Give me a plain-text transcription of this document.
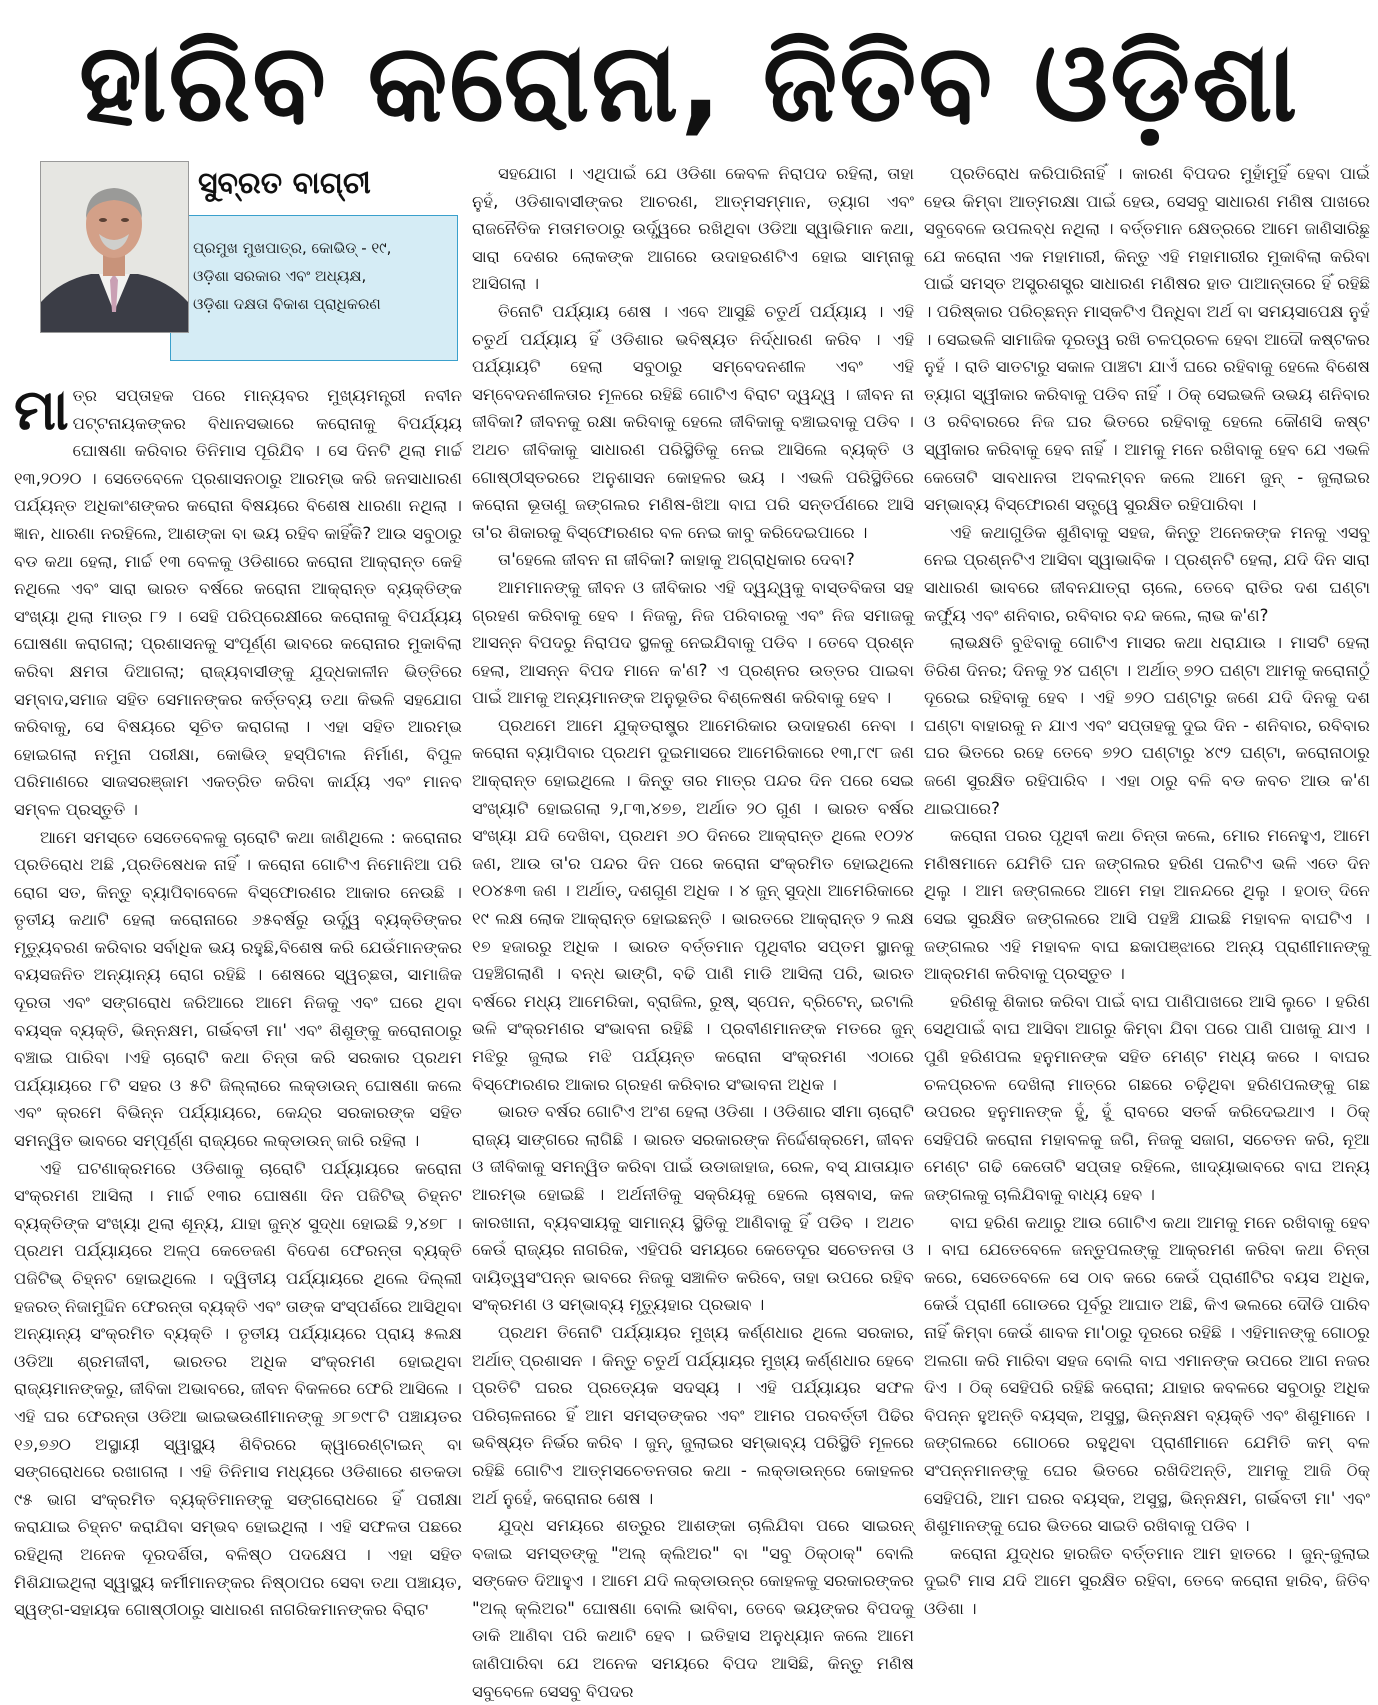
ହାରିବ କରୋନା, ଜିତିବ ଓଡ଼ିଶା
ପ୍ରମୁଖ ମୁଖପାତ୍ର, କୋଭିଡ୍ - ୧୯,
ଓଡ଼ିଶା ସରକାର ଏବଂ ଅଧ୍ୟକ୍ଷ,
ଓଡ଼ିଶା ଦକ୍ଷତା ବିକାଶ ପ୍ରାଧିକରଣ
ସୁବ୍ରତ ବାଗ୍‌ଚୀ

ମାତ୍ର ସପ୍ତାହକ ପରେ ମାନ୍ୟବର ମୁଖ୍ୟମନ୍ତ୍ରୀ ନବୀନ ପଟ୍ଟନାୟକଙ୍କର ବିଧାନସଭାରେ କରୋନାକୁ ବିପର୍ଯ୍ୟୟ ଘୋଷଣା କରିବାର ତିନିମାସ ପୂରିଯିବ । ସେ ଦିନଟି ଥିଲା ମାର୍ଚ୍ଚ ୧୩,୨୦୨୦ । ସେତେବେଳେ ପ୍ରଶାସନଠାରୁ ଆରମ୍ଭ କରି ଜନସାଧାରଣ ପର୍ଯ୍ୟନ୍ତ ଅଧିକାଂଶଙ୍କର କରୋନା ବିଷୟରେ ବିଶେଷ ଧାରଣା ନଥିଲା । ଜ୍ଞାନ, ଧାରଣା ନରହିଲେ, ଆଶଙ୍କା ବା ଭୟ ରହିବ କାହିଁକି? ଆଉ ସବୁଠାରୁ ବଡ କଥା ହେଲା, ମାର୍ଚ୍ଚ ୧୩ ବେଳକୁ ଓଡିଶାରେ କରୋନା ଆକ୍ରାନ୍ତ କେହି ନଥିଲେ ଏବଂ ସାରା ଭାରତ ବର୍ଷରେ କରୋନା ଆକ୍ରାନ୍ତ ବ୍ୟକ୍ତିଙ୍କ ସଂଖ୍ୟା ଥିଲା ମାତ୍ର ୮୨ । ସେହି ପରିପ୍ରେକ୍ଷୀରେ କରୋନାକୁ ବିପର୍ଯ୍ୟୟ ଘୋଷଣା କରାଗଲା; ପ୍ରଶାସନକୁ ସଂପୂର୍ଣ୍ଣ ଭାବରେ କରୋନାର ମୁକାବିଲା କରିବା କ୍ଷମତା ଦିଆଗଲା; ରାଜ୍ୟବାସୀଙ୍କୁ ଯୁଦ୍ଧକାଳୀନ ଭିତ୍ତିରେ ସମ୍ବାଦ,ସମାଜ ସହିତ ସେମାନଙ୍କର କର୍ତ୍ତବ୍ୟ ତଥା କିଭଳି ସହଯୋଗ କରିବାକୁ, ସେ ବିଷୟରେ ସୂଚିତ କରାଗଲା । ଏହା ସହିତ ଆରମ୍ଭ ହୋଇଗଲା ନମୁନା ପରୀକ୍ଷା, କୋଭିଡ୍ ହସ୍ପିଟାଲ ନିର୍ମାଣ, ବିପୁଳ ପରିମାଣରେ ସାଜସରଞ୍ଜାମ ଏକତ୍ରିତ କରିବା କାର୍ଯ୍ୟ ଏବଂ ମାନବ ସମ୍ବଳ ପ୍ରସ୍ତୁତି ।

ଆମେ ସମସ୍ତେ ସେତେବେଳକୁ ଚାରୋଟି କଥା ଜାଣିଥିଲେ : କରୋନାର ପ୍ରତିରୋଧ ଅଛି ,ପ୍ରତିଷେଧକ ନାହିଁ । କରୋନା ଗୋଟିଏ ନିମୋନିଆ ପରି ରୋଗ ସତ, କିନ୍ତୁ ବ୍ୟାପିବାବେଳେ ବିସ୍ଫୋରଣର ଆକାର ନେଉଛି । ତୃତୀୟ କଥାଟି ହେଲା କରୋନାରେ ୬୫ବର୍ଷରୁ ଉର୍ଦ୍ଧ୍ୱ ବ୍ୟକ୍ତିଙ୍କର ମୃତ୍ୟୁବରଣ କରିବାର ସର୍ବାଧିକ ଭୟ ରହୁଛି,ବିଶେଷ କରି ଯେଉଁମାନଙ୍କର ବୟସଜନିତ ଅନ୍ୟାନ୍ୟ ରୋଗ ରହିଛି । ଶେଷରେ ସ୍ୱଚ୍ଛତା, ସାମାଜିକ ଦୂରତା ଏବଂ ସଙ୍ଗରୋଧ ଜରିଆରେ ଆମେ ନିଜକୁ ଏବଂ ଘରେ ଥିବା ବୟସ୍କ ବ୍ୟକ୍ତି, ଭିନ୍ନକ୍ଷମ, ଗର୍ଭବତୀ ମା' ଏବଂ ଶିଶୁଙ୍କୁ କରୋନାଠାରୁ ବଞ୍ଚାଇ ପାରିବା ।ଏହି ଚାରୋଟି କଥା ଚିନ୍ତା କରି ସରକାର ପ୍ରଥମ ପର୍ଯ୍ୟାୟରେ ୮ଟି ସହର ଓ ୫ଟି ଜିଲ୍ଲାରେ ଲକ୍‌ଡାଉନ୍ ଘୋଷଣା କଲେ ଏବଂ କ୍ରମେ ବିଭିନ୍ନ ପର୍ଯ୍ୟାୟରେ, କେନ୍ଦ୍ର ସରକାରଙ୍କ ସହିତ ସମନ୍ୱିତ ଭାବରେ ସମ୍ପୂର୍ଣ୍ଣ ରାଜ୍ୟରେ ଲକ୍‌ଡାଉନ୍ ଜାରି ରହିଲା ।

ଏହି ଘଟଣାକ୍ରମରେ ଓଡିଶାକୁ ଚାରୋଟି ପର୍ଯ୍ୟାୟରେ କରୋନା ସଂକ୍ରମଣ ଆସିଲା । ମାର୍ଚ୍ଚ ୧୩ର ଘୋଷଣା ଦିନ ପଜିଟିଭ୍ ଚିହ୍ନଟ ବ୍ୟକ୍ତିଙ୍କ ସଂଖ୍ୟା ଥିଲା ଶୂନ୍ୟ, ଯାହା ଜୁନ୍୪ ସୁଦ୍ଧା ହୋଇଛି ୨,୪୭୮ । ପ୍ରଥମ ପର୍ଯ୍ୟାୟରେ ଅଳ୍ପ କେତେଜଣ ବିଦେଶ ଫେରନ୍ତା ବ୍ୟକ୍ତି ପଜିଟିଭ୍ ଚିହ୍ନଟ ହୋଇଥିଲେ । ଦ୍ୱିତୀୟ ପର୍ଯ୍ୟାୟରେ ଥିଲେ ଦିଲ୍ଲୀ ହଜରତ୍ ନିଜାମୁଦ୍ଦିନ ଫେରନ୍ତା ବ୍ୟକ୍ତି ଏବଂ ତାଙ୍କ ସଂସ୍ପର୍ଶରେ ଆସିଥିବା ଅନ୍ୟାନ୍ୟ ସଂକ୍ରମିତ ବ୍ୟକ୍ତି । ତୃତୀୟ ପର୍ଯ୍ୟାୟରେ ପ୍ରାୟ ୫ଲକ୍ଷ ଓଡିଆ ଶ୍ରମଜୀବୀ, ଭାରତର ଅଧିକ ସଂକ୍ରମଣ ହୋଇଥିବା ରାଜ୍ୟମାନଙ୍କରୁ, ଜୀବିକା ଅଭାବରେ, ଜୀବନ ବିକଳରେ ଫେରି ଆସିଲେ । ଏହି ଘର ଫେରନ୍ତା ଓଡିଆ ଭାଇଭଉଣୀମାନଙ୍କୁ ୬୮୭୯୮ଟି ପଞ୍ଚାୟତର ୧୬,୭୬୦ ଅସ୍ଥାୟୀ ସ୍ୱାସ୍ଥ୍ୟ ଶିବିରରେ କ୍ୱାରେଣ୍ଟାଇନ୍ ବା ସଙ୍ଗରୋଧରେ ରଖାଗଲା । ଏହି ତିନିମାସ ମଧ୍ୟରେ ଓଡିଶାରେ ଶତକଡା ୯୫ ଭାଗ ସଂକ୍ରମିତ ବ୍ୟକ୍ତିମାନଙ୍କୁ ସଙ୍ଗରୋଧରେ ହିଁ ପରୀକ୍ଷା କରାଯାଇ ଚିହ୍ନଟ କରାଯିବା ସମ୍ଭବ ହୋଇଥିଲା । ଏହି ସଫଳତା ପଛରେ ରହିଥିଲା ଅନେକ ଦୂରଦର୍ଶିତା, ବଳିଷ୍ଠ ପଦକ୍ଷେପ । ଏହା ସହିତ ମିଶିଯାଇଥିଲା ସ୍ୱାସ୍ଥ୍ୟ କର୍ମୀମାନଙ୍କର ନିଷ୍ଠାପର ସେବା ତଥା ପଞ୍ଚାୟତ, ସ୍ୱଙ୍ଗ-ସହାୟକ ଗୋଷ୍ଠୀଠାରୁ ସାଧାରଣ ନାଗରିକମାନଙ୍କର ବିରାଟ

ସହଯୋଗ । ଏଥିପାଇଁ ଯେ ଓଡିଶା କେବଳ ନିରାପଦ ରହିଲା, ତାହା ନୁହଁ, ଓଡିଶାବାସୀଙ୍କର ଆଚରଣ, ଆତ୍ମସମ୍ମାନ, ତ୍ୟାଗ ଏବଂ ରାଜନୈତିକ ମତାମତଠାରୁ ଉର୍ଦ୍ଧ୍ୱରେ ରଖିଥିବା ଓଡିଆ ସ୍ୱାଭିମାନ କଥା, ସାରା ଦେଶର ଲୋକଙ୍କ ଆଗରେ ଉଦାହରଣଟିଏ ହୋଇ ସାମ୍ନାକୁ ଆସିଗଲା ।

ତିନୋଟି ପର୍ଯ୍ୟାୟ ଶେଷ । ଏବେ ଆସୁଛି ଚତୁର୍ଥ ପର୍ଯ୍ୟାୟ । ଏହି ଚତୁର୍ଥ ପର୍ଯ୍ୟାୟ ହିଁ ଓଡିଶାର ଭବିଷ୍ୟତ ନିର୍ଦ୍ଧାରଣ କରିବ । ଏହି ପର୍ଯ୍ୟାୟଟି ହେଲା ସବୁଠାରୁ ସମ୍ବେଦନଶୀଳ ଏବଂ ଏହି ସମ୍ବେଦନଶୀଳତାର ମୂଳରେ ରହିଛି ଗୋଟିଏ ବିରାଟ ଦ୍ୱନ୍ଦ୍ୱ । ଜୀବନ ନା ଜୀବିକା? ଜୀବନକୁ ରକ୍ଷା କରିବାକୁ ହେଲେ ଜୀବିକାକୁ ବଞ୍ଚାଇବାକୁ ପଡିବ । ଅଥଚ ଜୀବିକାକୁ ସାଧାରଣ ପରିସ୍ଥିତିକୁ ନେଇ ଆସିଲେ ବ୍ୟକ୍ତି ଓ ଗୋଷ୍ଠୀସ୍ତରରେ ଅନୁଶାସନ କୋହଳର ଭୟ । ଏଭଳି ପରିସ୍ଥିତିରେ କରୋନା ଭୂତାଣୁ ଜଙ୍ଗଲର ମଣିଷ-ଖିଆ ବାଘ ପରି ସନ୍ତର୍ପଣରେ ଆସି ତା'ର ଶିକାରକୁ ବିସ୍ଫୋରଣର ବଳ ନେଇ କାବୁ କରିଦେଇପାରେ ।

ତା'ହେଲେ ଜୀବନ ନା ଜୀବିକା? କାହାକୁ ଅଗ୍ରାଧିକାର ଦେବା?

ଆମମାନଙ୍କୁ ଜୀବନ ଓ ଜୀବିକାର ଏହି ଦ୍ୱନ୍ଦ୍ୱକୁ ବାସ୍ତବିକତା ସହ ଗ୍ରହଣ କରିବାକୁ ହେବ । ନିଜକୁ, ନିଜ ପରିବାରକୁ ଏବଂ ନିଜ ସମାଜକୁ ଆସନ୍ନ ବିପଦରୁ ନିରାପଦ ସ୍ଥଳକୁ ନେଇଯିବାକୁ ପଡିବ । ତେବେ ପ୍ରଶ୍ନ ହେଲା, ଆସନ୍ନ ବିପଦ ମାନେ କ'ଣ? ଏ ପ୍ରଶ୍ନର ଉତ୍ତର ପାଇବା ପାଇଁ ଆମକୁ ଅନ୍ୟମାନଙ୍କ ଅନୁଭୂତିର ବିଶ୍ଳେଷଣ କରିବାକୁ ହେବ ।

ପ୍ରଥମେ ଆମେ ଯୁକ୍ତରାଷ୍ଟ୍ର ଆମେରିକାର ଉଦାହରଣ ନେବା । କରୋନା ବ୍ୟାପିବାର ପ୍ରଥମ ଦୁଇମାସରେ ଆମେରିକାରେ ୧୩,୮୯୮ ଜଣ ଆକ୍ରାନ୍ତ ହୋଇଥିଲେ । କିନ୍ତୁ ତାର ମାତ୍ର ପନ୍ଦର ଦିନ ପରେ ସେଇ ସଂଖ୍ୟାଟି ହୋଇଗଲା ୨,୮୩,୪୭୭, ଅର୍ଥାତ ୨୦ ଗୁଣ । ଭାରତ ବର୍ଷର ସଂଖ୍ୟା ଯଦି ଦେଖିବା, ପ୍ରଥମ ୬୦ ଦିନରେ ଆକ୍ରାନ୍ତ ଥିଲେ ୧୦୨୪ ଜଣ, ଆଉ ତା'ର ପନ୍ଦର ଦିନ ପରେ କରୋନା ସଂକ୍ରମିତ ହୋଇଥିଲେ ୧୦୪୫୩ ଜଣ । ଅର୍ଥାତ୍, ଦଶଗୁଣ ଅଧିକ । ୪ ଜୁନ୍ ସୁଦ୍ଧା ଆମେରିକାରେ ୧୯ ଲକ୍ଷ ଲୋକ ଆକ୍ରାନ୍ତ ହୋଇଛନ୍ତି । ଭାରତରେ ଆକ୍ରାନ୍ତ ୨ ଲକ୍ଷ ୧୭ ହଜାରରୁ ଅଧିକ । ଭାରତ ବର୍ତ୍ତମାନ ପୃଥିବୀର ସପ୍ତମ ସ୍ଥାନକୁ ପହଞ୍ଚିଗଲାଣି । ବନ୍ଧ ଭାଙ୍ଗି, ବଢି ପାଣି ମାଡି ଆସିଲା ପରି, ଭାରତ ବର୍ଷରେ ମଧ୍ୟ ଆମେରିକା, ବ୍ରାଜିଲ, ରୁଷ୍, ସ୍ପେନ, ବ୍ରିଟେନ୍, ଇଟାଲି ଭଳି ସଂକ୍ରମଣର ସଂଭାବନା ରହିଛି । ପ୍ରବୀଣମାନଙ୍କ ମତରେ ଜୁନ୍ ମଝିରୁ ଜୁଲାଇ ମଝି ପର୍ଯ୍ୟନ୍ତ କରୋନା ସଂକ୍ରମଣ ଏଠାରେ ବିସ୍ଫୋରଣର ଆକାର ଗ୍ରହଣ କରିବାର ସଂଭାବନା ଅଧିକ ।

ଭାରତ ବର୍ଷର ଗୋଟିଏ ଅଂଶ ହେଲା ଓଡିଶା । ଓଡିଶାର ସୀମା ଚାରୋଟି ରାଜ୍ୟ ସାଙ୍ଗରେ ଲାଗିଛି । ଭାରତ ସରକାରଙ୍କ ନିର୍ଦ୍ଦେଶକ୍ରମେ, ଜୀବନ ଓ ଜୀବିକାକୁ ସମନ୍ୱିତ କରିବା ପାଇଁ ଉଡାଜାହାଜ, ରେଳ, ବସ୍ ଯାତାୟାତ ଆରମ୍ଭ ହୋଇଛି । ଅର୍ଥନୀତିକୁ ସକ୍ରିୟକୁ ହେଲେ ଚାଷବାସ, କଳ କାରଖାନା, ବ୍ୟବସାୟକୁ ସାମାନ୍ୟ ସ୍ଥିତିକୁ ଆଣିବାକୁ ହିଁ ପଡିବ । ଅଥଚ କେଉଁ ରାଜ୍ୟର ନାଗରିକ, ଏହିପରି ସମୟରେ କେତେଦୂର ସଚେତନତା ଓ ଦାୟିତ୍ୱସଂପନ୍ନ ଭାବରେ ନିଜକୁ ସଞ୍ଚାଳିତ କରିବେ, ତାହା ଉପରେ ରହିବ ସଂକ୍ରମଣ ଓ ସମ୍ଭାବ୍ୟ ମୃତ୍ୟୁହାର ପ୍ରଭାବ ।

ପ୍ରଥମ ତିନୋଟି ପର୍ଯ୍ୟାୟର ମୁଖ୍ୟ କର୍ଣ୍ଣଧାର ଥିଲେ ସରକାର, ଅର୍ଥାତ୍ ପ୍ରଶାସନ । କିନ୍ତୁ ଚତୁର୍ଥ ପର୍ଯ୍ୟାୟର ମୁଖ୍ୟ କର୍ଣ୍ଣଧାର ହେବେ ପ୍ରତିଟି ଘରର ପ୍ରତ୍ୟେକ ସଦସ୍ୟ । ଏହି ପର୍ଯ୍ୟାୟର ସଫଳ ପରିଚାଳନାରେ ହିଁ ଆମ ସମସ୍ତଙ୍କର ଏବଂ ଆମର ପରବର୍ତ୍ତୀ ପିଢିର ଭବିଷ୍ୟତ ନିର୍ଭର କରିବ । ଜୁନ୍, ଜୁଲାଇର ସମ୍ଭାବ୍ୟ ପରିସ୍ଥିତି ମୂଳରେ ରହିଛି ଗୋଟିଏ ଆତ୍ମସଚେତନତାର କଥା - ଲକ୍‌ଡାଉନ୍‌ରେ କୋହଳର ଅର୍ଥ ନୁହେଁ, କରୋନାର ଶେଷ ।

ଯୁଦ୍ଧ ସମୟରେ ଶତ୍ରୁର ଆଶଙ୍କା ଚାଲିଯିବା ପରେ ସାଇରନ୍ ବଜାଇ ସମସ୍ତଙ୍କୁ "ଅଲ୍ କ୍ଲିଅର" ବା "ସବୁ ଠିକ୍‌ଠାକ୍" ବୋଲି ସଙ୍କେତ ଦିଆହୁଏ । ଆମେ ଯଦି ଲକ୍‌ଡାଉନ୍‌ର କୋହଳକୁ ସରକାରଙ୍କର "ଅଲ୍ କ୍ଲିଅର" ଘୋଷଣା ବୋଲି ଭାବିବା, ତେବେ ଭୟଙ୍କର ବିପଦକୁ ଡାକି ଆଣିବା ପରି କଥାଟି ହେବ । ଇତିହାସ ଅନୁଧ୍ୟାନ କଲେ ଆମେ ଜାଣିପାରିବା ଯେ ଅନେକ ସମୟରେ ବିପଦ ଆସିଛି, କିନ୍ତୁ ମଣିଷ ସବୁବେଳେ ସେସବୁ ବିପଦର

ପ୍ରତିରୋଧ କରିପାରିନାହିଁ । କାରଣ ବିପଦର ମୁହାଁମୁହିଁ ହେବା ପାଇଁ ହେଉ କିମ୍ବା ଆତ୍ମରକ୍ଷା ପାଇଁ ହେଉ, ସେସବୁ ସାଧାରଣ ମଣିଷ ପାଖରେ ସବୁବେଳେ ଉପଲବ୍ଧ ନଥିଲା । ବର୍ତ୍ତମାନ କ୍ଷେତ୍ରରେ ଆମେ ଜାଣିସାରିଛୁ ଯେ କରୋନା ଏକ ମହାମାରୀ, କିନ୍ତୁ ଏହି ମହାମାରୀର ମୁକାବିଲା କରିବା ପାଇଁ ସମସ୍ତ ଅସ୍ତ୍ରଶସ୍ତ୍ର ସାଧାରଣ ମଣିଷର ହାତ ପାଆନ୍ତାରେ ହିଁ ରହିଛି । ପରିଷ୍କାର ପରିଚ୍ଛନ୍ନ ମାସ୍କଟିଏ ପିନ୍ଧିବା ଅର୍ଥ ବା ସମୟସାପେକ୍ଷ ନୁହଁ । ସେଇଭଳି ସାମାଜିକ ଦୂରତ୍ୱ ରଖି ଚଳପ୍ରଚଳ ହେବା ଆଦୌ କଷ୍ଟକର ନୁହଁ । ରାତି ସାତଟାରୁ ସକାଳ ପାଞ୍ଚଟା ଯାଏଁ ଘରେ ରହିବାକୁ ହେଲେ ବିଶେଷ ତ୍ୟାଗ ସ୍ୱୀକାର କରିବାକୁ ପଡିବ ନାହିଁ । ଠିକ୍ ସେଇଭଳି ଉଭୟ ଶନିବାର ଓ ରବିବାରରେ ନିଜ ଘର ଭିତରେ ରହିବାକୁ ହେଲେ କୌଣସି କଷ୍ଟ ସ୍ୱୀକାର କରିବାକୁ ହେବ ନାହିଁ । ଆମକୁ ମନେ ରଖିବାକୁ ହେବ ଯେ ଏଭଳି କେତୋଟି ସାବଧାନତା ଅବଲମ୍ବନ କଲେ ଆମେ ଜୁନ୍ - ଜୁଲାଇର ସମ୍ଭାବ୍ୟ ବିସ୍ଫୋରଣ ସତ୍ତ୍ୱେ ସୁରକ୍ଷିତ ରହିପାରିବା ।

ଏହି କଥାଗୁଡିକ ଶୁଣିବାକୁ ସହଜ, କିନ୍ତୁ ଅନେକଙ୍କ ମନକୁ ଏସବୁ ନେଇ ପ୍ରଶ୍ନଟିଏ ଆସିବା ସ୍ୱାଭାବିକ । ପ୍ରଶ୍ନଟି ହେଲା, ଯଦି ଦିନ ସାରା ସାଧାରଣ ଭାବରେ ଜୀବନଯାତ୍ରା ଚାଲେ, ତେବେ ରାତିର ଦଶ ଘଣ୍ଟା କର୍ଫ୍ୟୁ ଏବଂ ଶନିବାର, ରବିବାର ବନ୍ଦ କଲେ, ଲାଭ କ'ଣ?

ଲାଭକ୍ଷତି ବୁଝିବାକୁ ଗୋଟିଏ ମାସର କଥା ଧରାଯାଉ । ମାସଟି ହେଲା ତିରିଶ ଦିନର; ଦିନକୁ ୨୪ ଘଣ୍ଟା । ଅର୍ଥାତ୍ ୭୨୦ ଘଣ୍ଟା ଆମକୁ କରୋନାଠୁଁ ଦୂରେଇ ରହିବାକୁ ହେବ । ଏହି ୭୨୦ ଘଣ୍ଟାରୁ ଜଣେ ଯଦି ଦିନକୁ ଦଶ ଘଣ୍ଟା ବାହାରକୁ ନ ଯାଏ ଏବଂ ସପ୍ତାହକୁ ଦୁଇ ଦିନ - ଶନିବାର, ରବିବାର ଘର ଭିତରେ ରହେ ତେବେ ୭୨୦ ଘଣ୍ଟାରୁ ୪୯୨ ଘଣ୍ଟା, କରୋନାଠାରୁ ଜଣେ ସୁରକ୍ଷିତ ରହିପାରିବ । ଏହା ଠାରୁ ବଳି ବଡ କବଚ ଆଉ କ'ଣ ଥାଇପାରେ?

କରୋନା ପରର ପୃଥିବୀ କଥା ଚିନ୍ତା କଲେ, ମୋର ମନେହୁଏ, ଆମେ ମଣିଷମାନେ ଯେମିତି ଘନ ଜଙ୍ଗଲର ହରିଣ ପଲଟିଏ ଭଳି ଏତେ ଦିନ ଥିଲୁ । ଆମ ଜଙ୍ଗଲରେ ଆମେ ମହା ଆନନ୍ଦରେ ଥିଲୁ । ହଠାତ୍ ଦିନେ ସେଇ ସୁରକ୍ଷିତ ଜଙ୍ଗଲରେ ଆସି ପହଞ୍ଚି ଯାଇଛି ମହାବଳ ବାଘଟିଏ । ଜଙ୍ଗଲର ଏହି ମହାବଳ ବାଘ ଛକାପଞ୍ଝାରେ ଅନ୍ୟ ପ୍ରାଣୀମାନଙ୍କୁ ଆକ୍ରମଣ କରିବାକୁ ପ୍ରସ୍ତୁତ ।

ହରିଣକୁ ଶିକାର କରିବା ପାଇଁ ବାଘ ପାଣିପାଖରେ ଆସି ଲୁଚେ । ହରିଣ ସେଥିପାଇଁ ବାଘ ଆସିବା ଆଗରୁ କିମ୍ବା ଯିବା ପରେ ପାଣି ପାଖକୁ ଯାଏ । ପୁଣି ହରିଣପଲ ହନୁମାନଙ୍କ ସହିତ ମେଣ୍ଟ ମଧ୍ୟ କରେ । ବାଘର ଚଳପ୍ରଚଳ ଦେଖିଲା ମାତ୍ରେ ଗଛରେ ଚଢ଼ିଥିବା ହରିଣପଲଙ୍କୁ ଗଛ ଉପରର ହନୁମାନଙ୍କ ହୁଁ, ହୁଁ ରାବରେ ସତର୍କ କରିଦେଇଥାଏ । ଠିକ୍ ସେହିପରି କରୋନା ମହାବଳକୁ ଜଗି, ନିଜକୁ ସଜାଗ, ସଚେତନ କରି, ନୂଆ ମେଣ୍ଟ ଗଢି କେତୋଟି ସପ୍ତାହ ରହିଲେ, ଖାଦ୍ୟାଭାବରେ ବାଘ ଅନ୍ୟ ଜଙ୍ଗଲକୁ ଚାଲିଯିବାକୁ ବାଧ୍ୟ ହେବ ।

ବାଘ ହରିଣ କଥାରୁ ଆଉ ଗୋଟିଏ କଥା ଆମକୁ ମନେ ରଖିବାକୁ ହେବ । ବାଘ ଯେତେବେଳେ ଜନ୍ତୁପଲଙ୍କୁ ଆକ୍ରମଣ କରିବା କଥା ଚିନ୍ତା କରେ, ସେତେବେଳେ ସେ ଠାବ କରେ କେଉଁ ପ୍ରାଣୀଟିର ବୟସ ଅଧିକ, କେଉଁ ପ୍ରାଣୀ ଗୋଡରେ ପୂର୍ବରୁ ଆଘାତ ଅଛି, କିଏ ଭଲରେ ଦୌଡି ପାରିବ ନାହିଁ କିମ୍ବା କେଉଁ ଶାବକ ମା'ଠାରୁ ଦୂରରେ ରହିଛି । ଏହିମାନଙ୍କୁ ଗୋଠରୁ ଅଲଗା କରି ମାରିବା ସହଜ ବୋଲି ବାଘ ଏମାନଙ୍କ ଉପରେ ଆଗ ନଜର ଦିଏ । ଠିକ୍ ସେହିପରି ରହିଛି କରୋନା; ଯାହାର କବଳରେ ସବୁଠାରୁ ଅଧିକ ବିପନ୍ନ ହୁଅନ୍ତି ବୟସ୍କ, ଅସୁସ୍ଥ, ଭିନ୍ନକ୍ଷମ ବ୍ୟକ୍ତି ଏବଂ ଶିଶୁମାନେ । ଜଙ୍ଗଲରେ ଗୋଠରେ ରହୁଥିବା ପ୍ରାଣୀମାନେ ଯେମିତି କମ୍ ବଳ ସଂପନ୍ନମାନଙ୍କୁ ଘେର ଭିତରେ ରଖିଦିଅନ୍ତି, ଆମକୁ ଆଜି ଠିକ୍ ସେହିପରି, ଆମ ଘରର ବୟସ୍କ, ଅସୁସ୍ଥ, ଭିନ୍ନକ୍ଷମ, ଗର୍ଭବତୀ ମା' ଏବଂ ଶିଶୁମାନଙ୍କୁ ଘେର ଭିତରେ ସାଇତି ରଖିବାକୁ ପଡିବ ।

କରୋନା ଯୁଦ୍ଧର ହାରଜିତ ବର୍ତ୍ତମାନ ଆମ ହାତରେ । ଜୁନ୍-ଜୁଲାଇ ଦୁଇଟି ମାସ ଯଦି ଆମେ ସୁରକ୍ଷିତ ରହିବା, ତେବେ କରୋନା ହାରିବ, ଜିତିବ ଓଡିଶା ।
